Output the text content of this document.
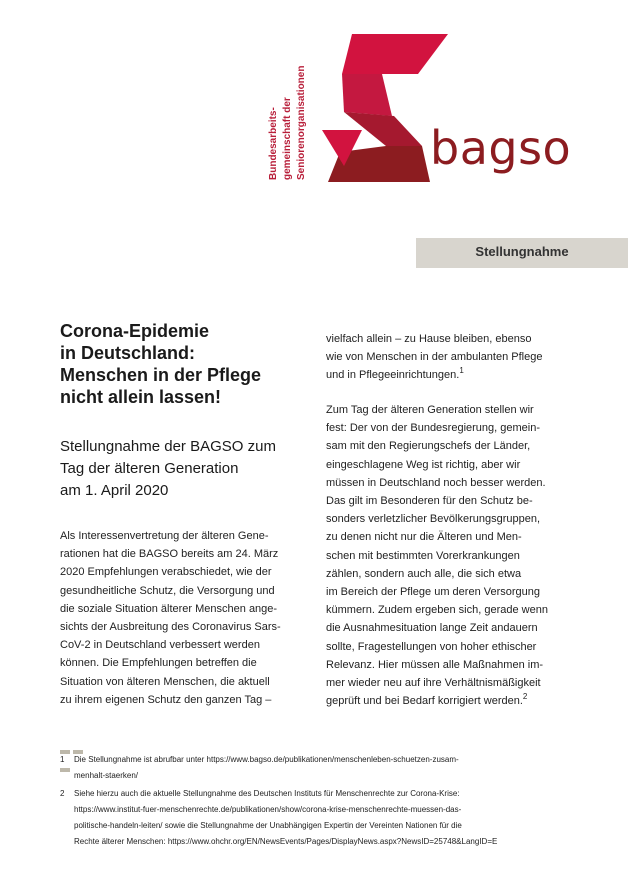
Bundesarbeits- gemeinschaft der Seniorenorganisationen	bagso
Stellungnahme
Corona-Epidemie
in Deutschland:
Menschen in der Pflege
nicht allein lassen!
Stellungnahme der BAGSO zum
Tag der älteren Generation
am 1. April 2020
Als Interessenvertretung der älteren Gene-
rationen hat die BAGSO bereits am 24. März
2020 Empfehlungen verabschiedet, wie der
gesundheitliche Schutz, die Versorgung und
die soziale Situation älterer Menschen ange-
sichts der Ausbreitung des Coronavirus Sars-
CoV-2 in Deutschland verbessert werden
können. Die Empfehlungen betreffen die
Situation von älteren Menschen, die aktuell
zu ihrem eigenen Schutz den ganzen Tag –
vielfach allein – zu Hause bleiben, ebenso
wie von Menschen in der ambulanten Pflege
und in Pflegeeinrichtungen.$^1$
Zum Tag der älteren Generation stellen wir
fest: Der von der Bundesregierung, gemein-
sam mit den Regierungschefs der Länder,
eingeschlagene Weg ist richtig, aber wir
müssen in Deutschland noch besser werden.
Das gilt im Besonderen für den Schutz be-
sonders verletzlicher Bevölkerungsgruppen,
zu denen nicht nur die Älteren und Men-
schen mit bestimmten Vorerkrankungen
zählen, sondern auch alle, die sich etwa
im Bereich der Pflege um deren Versorgung
kümmern. Zudem ergeben sich, gerade wenn
die Ausnahmesituation lange Zeit andauern
sollte, Fragestellungen von hoher ethischer
Relevanz. Hier müssen alle Maßnahmen im-
mer wieder neu auf ihre Verhältnismäßigkeit
geprüft und bei Bedarf korrigiert werden.$^2$
1 Die Stellungnahme ist abrufbar unter https://www.bagso.de/publikationen/menschenleben-schuetzen-zusam-
menhalt-staerken/
2 Siehe hierzu auch die aktuelle Stellungnahme des Deutschen Instituts für Menschenrechte zur Corona-Krise:
https://www.institut-fuer-menschenrechte.de/publikationen/show/corona-krise-menschenrechte-muessen-das-
politische-handeln-leiten/ sowie die Stellungnahme der Unabhängigen Expertin der Vereinten Nationen für die
Rechte älterer Menschen: https://www.ohchr.org/EN/NewsEvents/Pages/DisplayNews.aspx?NewsID=25748&LangID=E
